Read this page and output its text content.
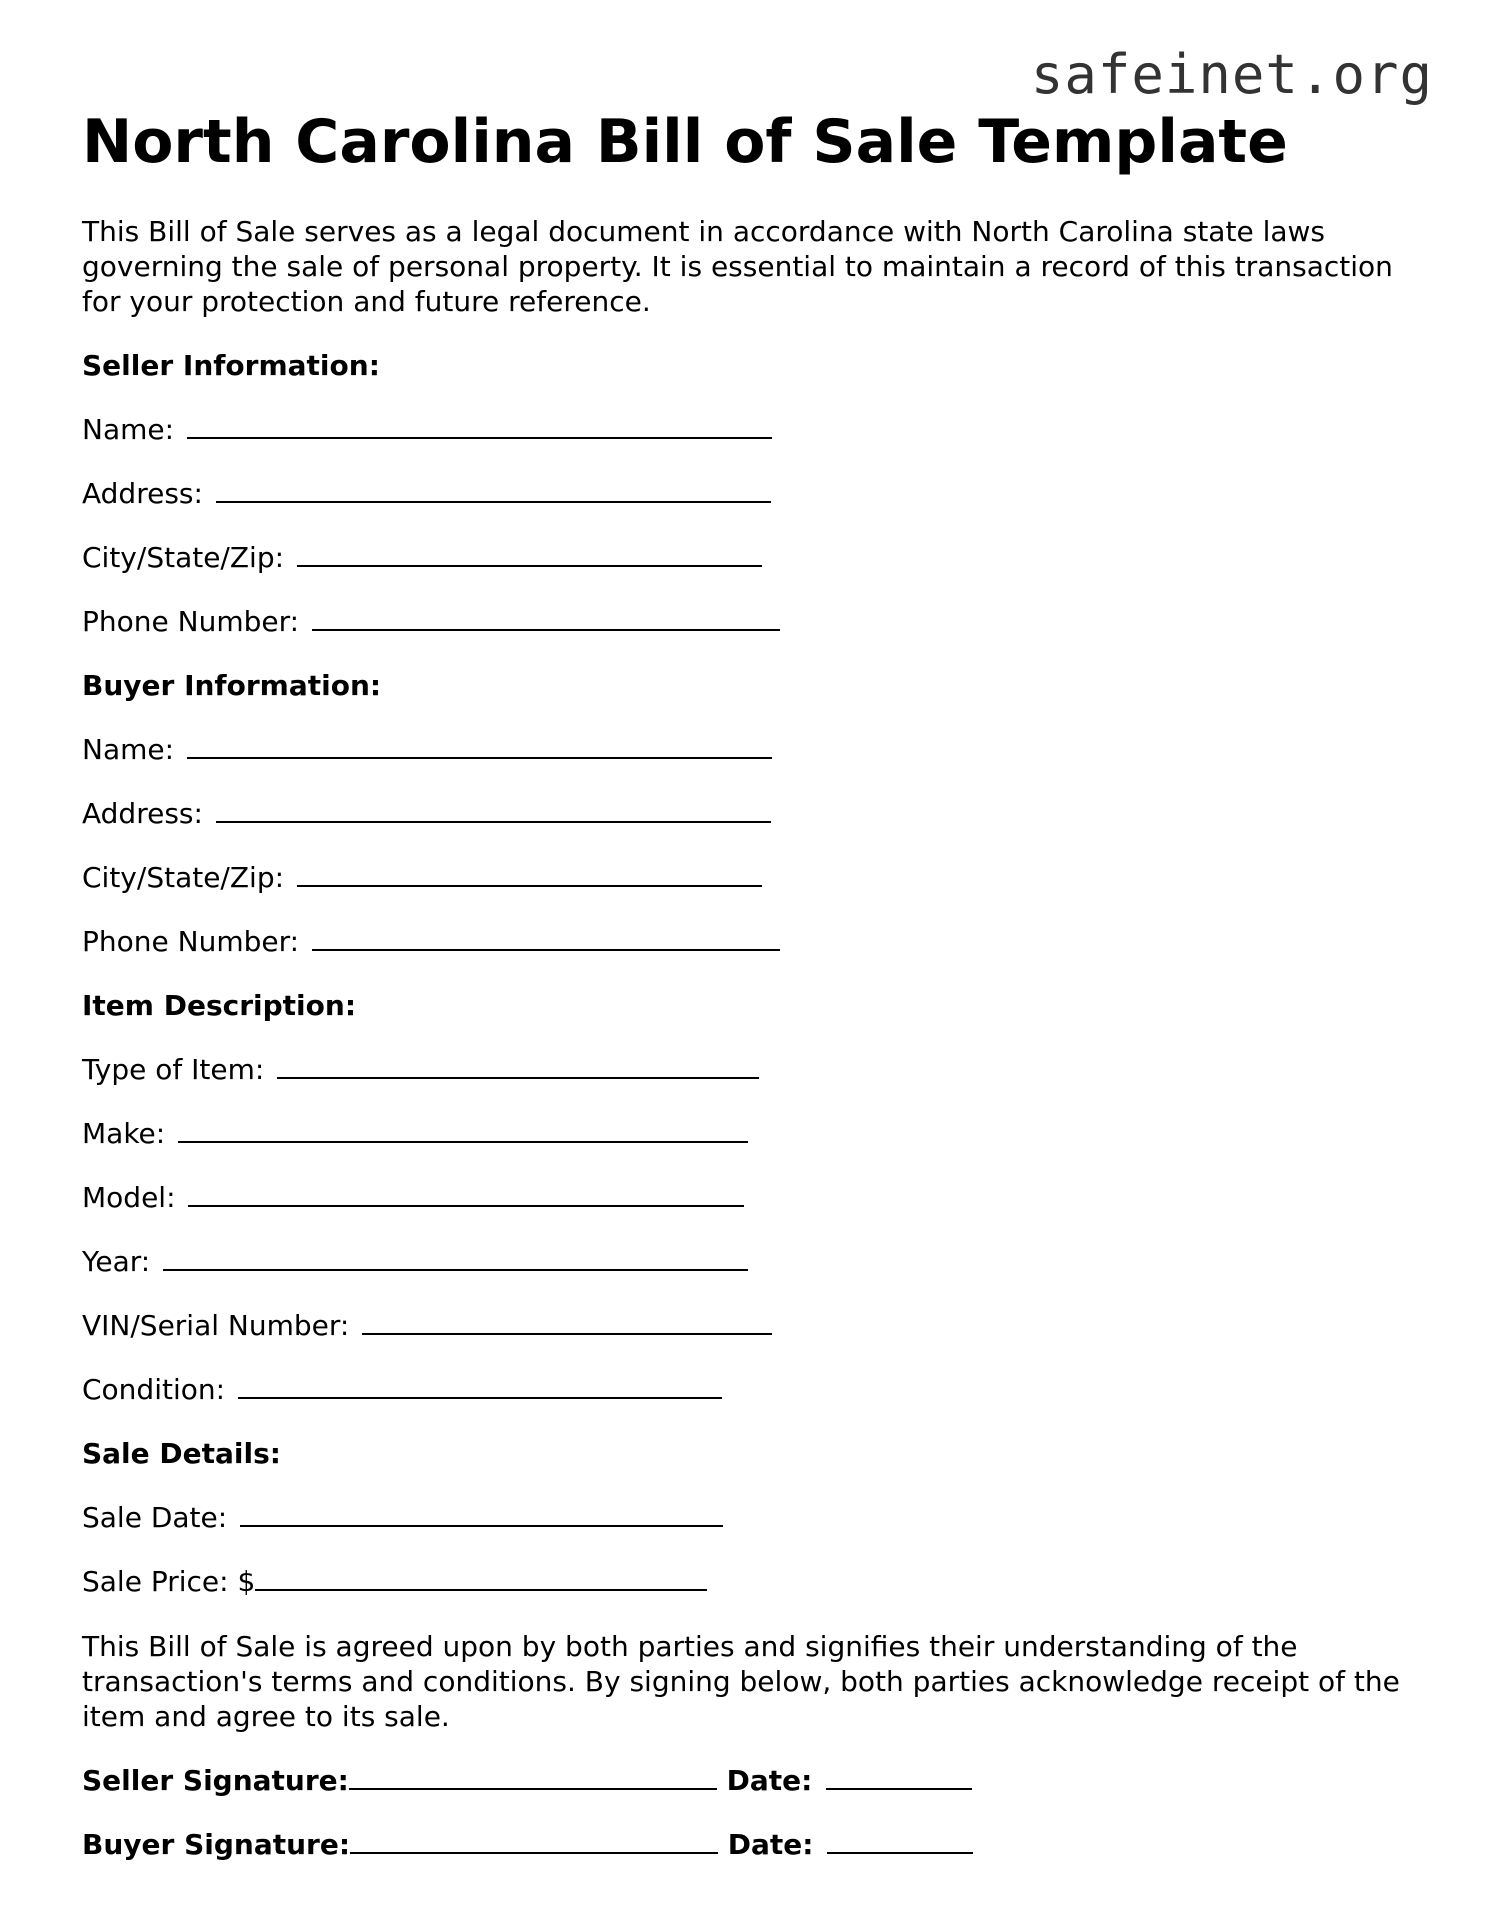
safeinet.org
North Carolina Bill of Sale Template

This Bill of Sale serves as a legal document in accordance with North Carolina state laws governing the sale of personal property. It is essential to maintain a record of this transaction for your protection and future reference.

Seller Information:
Name:
Address:
City/State/Zip:
Phone Number:
Buyer Information:
Name:
Address:
City/State/Zip:
Phone Number:
Item Description:
Type of Item:
Make:
Model:
Year:
VIN/Serial Number:
Condition:
Sale Details:
Sale Date:
Sale Price: $

This Bill of Sale is agreed upon by both parties and signifies their understanding of the transaction's terms and conditions. By signing below, both parties acknowledge receipt of the item and agree to its sale.

Seller Signature:	Date:
Buyer Signature:	Date:
